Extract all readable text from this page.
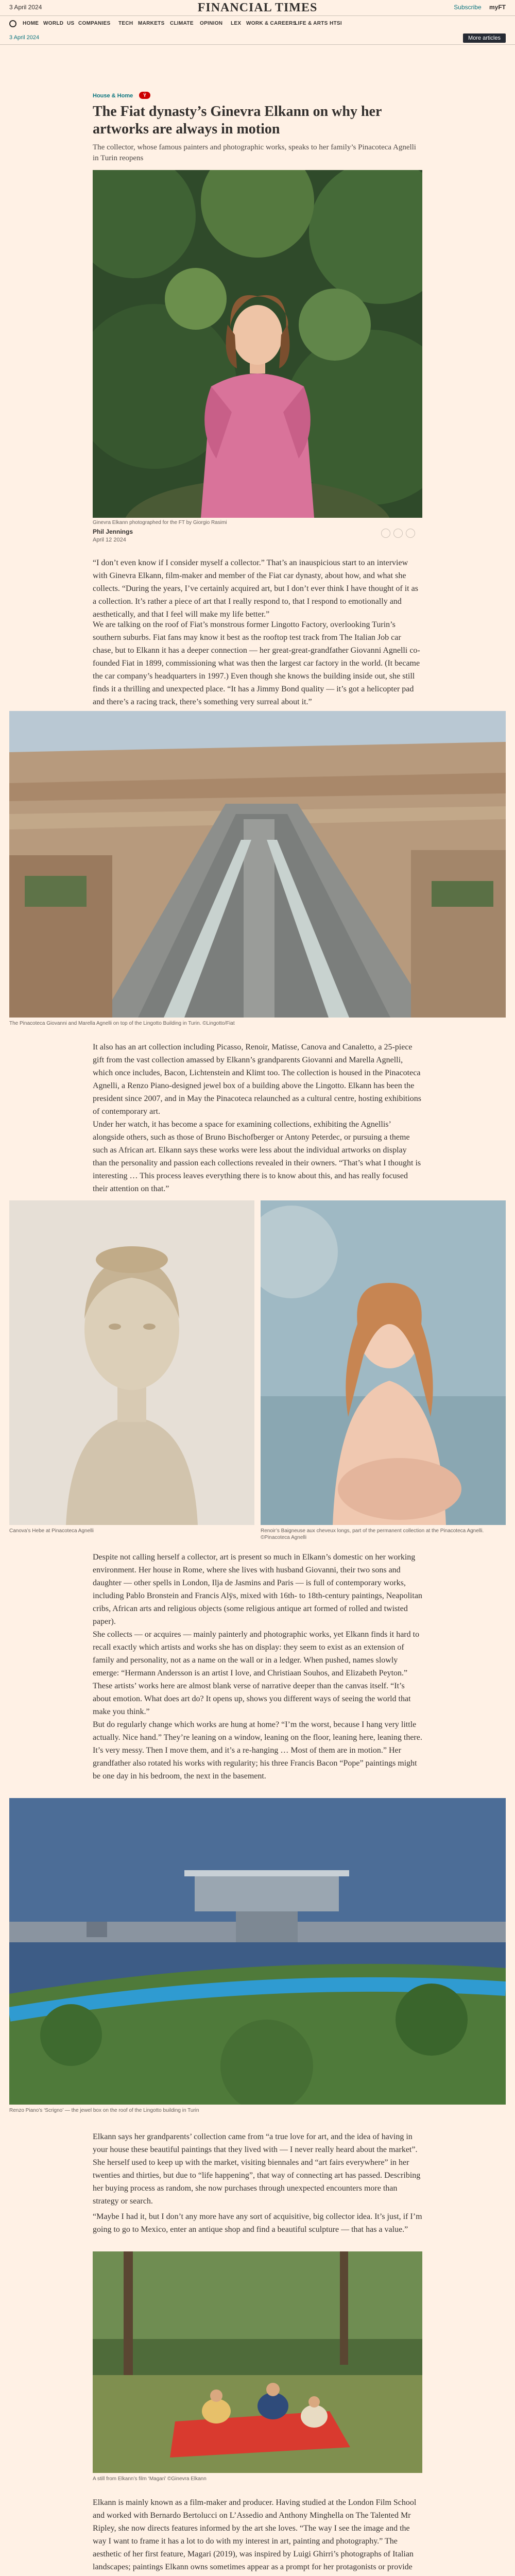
3 April 2024	FINANCIAL TIMES	Subscribe myFT
HOME WORLD US COMPANIES TECH MARKETS CLIMATE OPINION LEX WORK & CAREERS
LIFE & ARTS HTSI
3 April 2024	More articles
House & Home	Ÿ
The Fiat dynasty’s Ginevra Elkann on why her artworks are always in motion
The collector, whose famous painters and photographic works, speaks to her family’s Pinacoteca Agnelli in Turin reopens
Ginevra Elkann photographed for the FT by Giorgio Rasimi
Phil Jennings
April 12 2024

“I don’t even know if I consider myself a collector.” That’s an inauspicious start to an interview with Ginevra Elkann, film-maker and member of the Fiat car dynasty, about how, and what she collects. “During the years, I’ve certainly acquired art, but I don’t ever think I have thought of it as a collection. It’s rather a piece of art that I really respond to, that I respond to emotionally and aesthetically, and that I feel will make my life better.”

We are talking on the roof of Fiat’s monstrous former Lingotto Factory, overlooking Turin’s southern suburbs. Fiat fans may know it best as the rooftop test track from The Italian Job car chase, but to Elkann it has a deeper connection — her great-great-grandfather Giovanni Agnelli co-founded Fiat in 1899, commissioning what was then the largest car factory in the world. (It became the car company’s headquarters in 1997.) Even though she knows the building inside out, she still finds it a thrilling and unexpected place. “It has a Jimmy Bond quality — it’s got a helicopter pad and there’s a racing track, there’s something very surreal about it.”

The Pinacoteca Giovanni and Marella Agnelli on top of the Lingotto Building in Turin. ©Lingotto/Fiat

It also has an art collection including Picasso, Renoir, Matisse, Canova and Canaletto, a 25-piece gift from the vast collection amassed by Elkann’s grandparents Giovanni and Marella Agnelli, which once includes, Bacon, Lichtenstein and Klimt too. The collection is housed in the Pinacoteca Agnelli, a Renzo Piano-designed jewel box of a building above the Lingotto. Elkann has been the president since 2007, and in May the Pinacoteca relaunched as a cultural centre, hosting exhibitions of contemporary art.

Under her watch, it has become a space for examining collections, exhibiting the Agnellis’ alongside others, such as those of Bruno Bischofberger or Antony Peterdec, or pursuing a theme such as African art. Elkann says these works were less about the individual artworks on display than the personality and passion each collections revealed in their owners. “That’s what I thought is interesting … This process leaves everything there is to know about this, and has really focused their attention on that.”

Canova’s Hebe at Pinacoteca Agnelli	Renoir’s Baigneuse aux cheveux longs, part of the permanent collection at the Pinacoteca Agnelli. ©Pinacoteca Agnelli

Despite not calling herself a collector, art is present so much in Elkann’s domestic on her working environment. Her house in Rome, where she lives with husband Giovanni, their two sons and daughter — other spells in London, Ilja de Jasmins and Paris — is full of contemporary works, including Pablo Bronstein and Francis Alÿs, mixed with 16th- to 18th-century paintings, Neapolitan cribs, African arts and religious objects (some religious antique art formed of rolled and twisted paper).

She collects — or acquires — mainly painterly and photographic works, yet Elkann finds it hard to recall exactly which artists and works she has on display: they seem to exist as an extension of family and personality, not as a name on the wall or in a ledger. When pushed, names slowly emerge: “Hermann Andersson is an artist I love, and Christiaan Souhos, and Elizabeth Peyton.” These artists’ works here are almost blank verse of narrative deeper than the canvas itself. “It’s about emotion. What does art do? It opens up, shows you different ways of seeing the world that make you think.”

But do regularly change which works are hung at home? “I’m the worst, because I hang very little actually. Nice hand.” They’re leaning on a window, leaning on the floor, leaning here, leaning there. It’s very messy. Then I move them, and it’s a re-hanging … Most of them are in motion.” Her grandfather also rotated his works with regularity; his three Francis Bacon “Pope” paintings might be one day in his bedroom, the next in the basement.

Renzo Piano’s ‘Scrigno’ — the jewel box on the roof of the Lingotto building in Turin

Elkann says her grandparents’ collection came from “a true love for art, and the idea of having in your house these beautiful paintings that they lived with — I never really heard about the market”. She herself used to keep up with the market, visiting biennales and “art fairs everywhere” in her twenties and thirties, but due to “life happening”, that way of connecting art has passed. Describing her buying process as random, she now purchases through unexpected encounters more than strategy or search.

“Maybe I had it, but I don’t any more have any sort of acquisitive, big collector idea. It’s just, if I’m going to go to Mexico, enter an antique shop and find a beautiful sculpture — that has a value.”

A still from Elkann’s film ‘Magari’ ©Ginevra Elkann

Elkann is mainly known as a film-maker and producer. Having studied at the London Film School and worked with Bernardo Bertolucci on L’Assedio and Anthony Minghella on The Talented Mr Ripley, she now directs features informed by the art she loves. “The way I see the image and the way I want to frame it has a lot to do with my interest in art, painting and photography.” The aesthetic of her first feature, Magari (2019), was inspired by Luigi Ghirri’s photographs of Italian landscapes; paintings Elkann owns sometimes appear as a prompt for her protagonists or provide
